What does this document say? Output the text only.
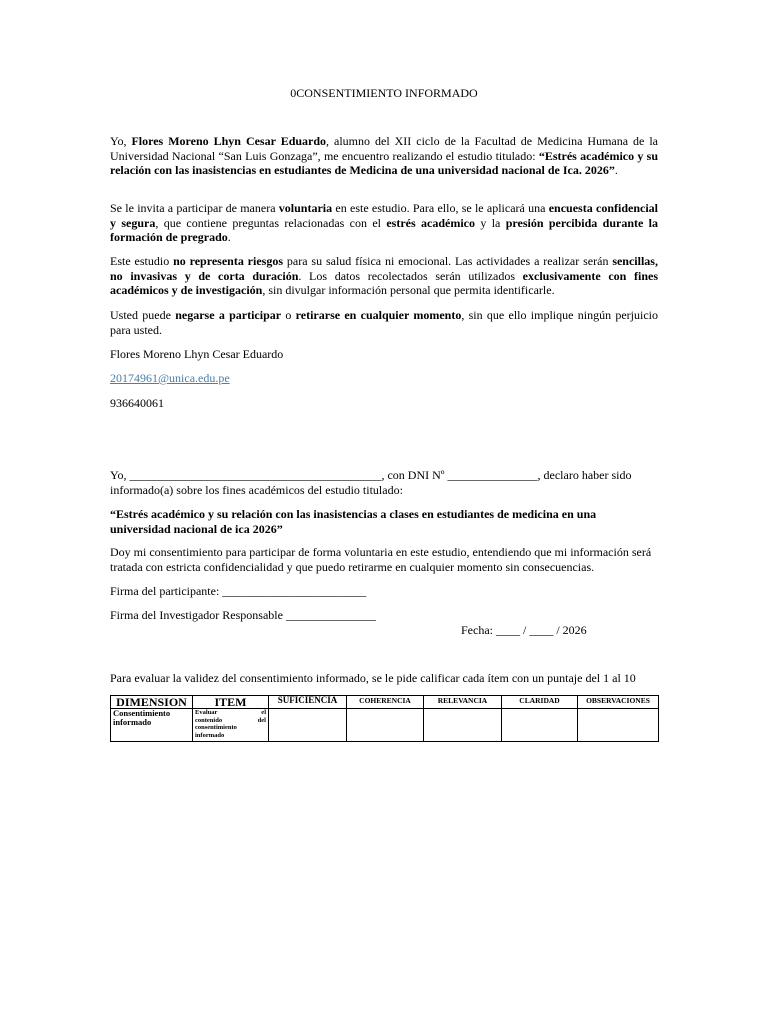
0CONSENTIMIENTO INFORMADO

Yo, Flores Moreno Lhyn Cesar Eduardo, alumno del XII ciclo de la Facultad de Medicina Humana de la Universidad Nacional “San Luis Gonzaga”, me encuentro realizando el estudio titulado: “Estrés académico y su relación con las inasistencias en estudiantes de Medicina de una universidad nacional de Ica. 2026”.

Se le invita a participar de manera voluntaria en este estudio. Para ello, se le aplicará una encuesta confidencial y segura, que contiene preguntas relacionadas con el estrés académico y la presión percibida durante la formación de pregrado.

Este estudio no representa riesgos para su salud física ni emocional. Las actividades a realizar serán sencillas, no invasivas y de corta duración. Los datos recolectados serán utilizados exclusivamente con fines académicos y de investigación, sin divulgar información personal que permita identificarle.

Usted puede negarse a participar o retirarse en cualquier momento, sin que ello implique ningún perjuicio para usted.

Flores Moreno Lhyn Cesar Eduardo

20174961@unica.edu.pe

936640061

Yo, __________________________________________, con DNI Nº _______________, declaro haber sido informado(a) sobre los fines académicos del estudio titulado:

“Estrés académico y su relación con las inasistencias a clases en estudiantes de medicina en una universidad nacional de ica 2026”

Doy mi consentimiento para participar de forma voluntaria en este estudio, entendiendo que mi información será tratada con estricta confidencialidad y que puedo retirarme en cualquier momento sin consecuencias.

Firma del participante: ________________________

Firma del Investigador Responsable _______________

Fecha: ____ / ____ / 2026

Para evaluar la validez del consentimiento informado, se le pide calificar cada ítem con un puntaje del 1 al 10

DIMENSION	ITEM	SUFICIENCIA	COHERENCIA	RELEVANCIA	CLARIDAD	OBSERVACIONES
Consentimiento informado	Evaluar el
contenido del
consentimiento
informado					
